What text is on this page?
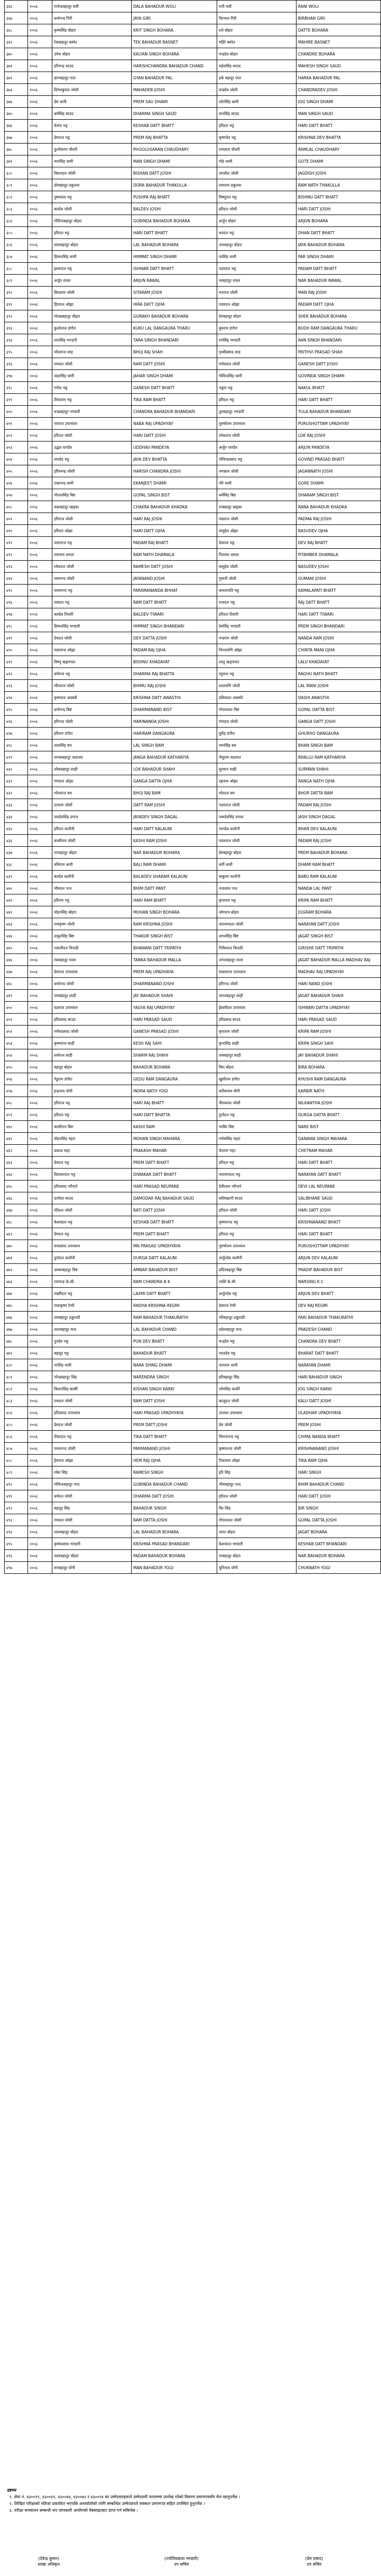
३६६	२०५६	राजेन्द्रबहादुर वली	DALA BAHADUR WOLI	रानी वली	RANI WOLI
३६७	२०५६	धर्मानन्द गिरी	JAYA GIRI	विरभान गिरी	BIRBHAN GIRI
३६८	२०५६	कृष्णसिंह बोहरा	KRIT SINGH BOHARA	दत्ते बोहरा	DATTE BOHARA
३६९	२०५६	टेकबहादुर बस्नेत	TEK BAHADUR BASNET	महिरे बस्नेत	MAHIRE BASNET
३७०	२०५६	उमेश बोहरा	KALYAN SINGH BOHARA	चन्द्रदेव बोहरा	CHANDRE BOHARA
३७१	२०५६	हरिचन्द्र साउद	HARISHCHANDRA BAHADUR CHAND	महेशसिंह साउद	MAHESH SINGH SAUD
३७२	२०५६	ज्ञानबहादुर पाल	GYAN BAHADUR PAL	हर्क बहादुर पाल	HARKA BAHADUR PAL
३७३	२०५६	दिनेशकुमार जोशी	MAHADEB JOSHI	चन्द्रदेव जोशी	CHANDRADEV JOSHI
३७४	२०५६	प्रेम धामी	PREM SAU DHAMI	जोगसिंह धामी	JOG SINGH DHAMI
३७५	२०५६	धर्मसिंह साउद	DHARMA SINGH SAUD	मानसिंह साउद	MAN SINGH SAUD
३७६	२०५६	केशव भट्ट	KESHAB DATT BHATT	हरिदत्त भट्ट	HARI DATT BHATT
३७७	२०५६	प्रेमराज भट्ट	PREM RAJ BHATTA	कृष्णदेव भट्ट	KRISHNA DEV BHATTA
३७८	२०५६	फुलोसरण चौधरी	PHOOLOSARAN CHAUDHARY	रामलाल चौधरी	RAMLAL CHAUDHARY
३७९	२०५६	मानसिंह धामी	MAN SINGH DHAMI	गोठे धामी	GOTE DHAMI
३८०	२०५६	विशनदत्त जोशी	BISHAN DATT JOSHI	जगदीश जोशी	JAGDISH JOSHI
३८१	२०५६	डोरबहादुर ठकुल्ला	DORA BAHADUR THAKULLA	रामनाथ ठकुल्ला	RAM NATH THAKULLA
३८२	२०५६	पुष्पलाल भट्ट	PUSHPA RAJ BHATT	विष्णुदत्त भट्ट	BISHNU DATT BHATT
३८३	२०५६	बलदेव जोशी	BALDEV JOSHI	हरिदत्त जोशी	HARI DATT JOSHI
३८४	२०५६	गोविन्दबहादुर बोहरा	GOBINDA BAHADUR BOHARA	अर्जुन बोहरा	ARJUN BOHARA
३८५	२०५६	हरिदत्त भट्ट	HARI DATT BHATT	धनदत्त भट्ट	DHAN DATT BHATT
३८६	२०५६	लालबहादुर बोहरा	LAL BAHADUR BOHARA	जयबहादुर बोहरा	JAYA BAHADUR BOHARA
३८७	२०५६	हिम्मतसिंह धामी	HIMMAT SINGH DHAMI	परसिंह धामी	PAR SINGH DHAMI
३८८	२०५६	इश्वरदत्त भट्ट	ISHWAR DATT BHATT	पदमदत्त भट्ट	PADAM DATT BHATT
३८९	२०५६	अर्जुन रावल	ARJUN RAWAL	नरबहादुर रावल	NAR BAHADUR RAWAL
३९०	२०५६	सिताराम जोशी	SITARAM JOSHI	मनराज जोशी	MAN RAJ JOSHI
३९१	२०५६	हिरादत्त ओझा	HIRA DATT OJHA	पदमदत्त ओझा	PADAM DATT OJHA
३९२	२०५६	गोरखबहादुर बोहरा	GORAKH BAHADUR BOHARA	शेरबहादुर बोहरा	SHER BAHADUR BOHARA
३९३	२०५६	कुलोलाल डंगौरा	KUKU LAL DANGAURA THARU	बुधराम डंगौरा	BUDH RAM DANGAURA THARU
३९४	२०५६	तारासिंह भण्डारी	TARA SINGH BHANDARI	रणसिंह भण्डारी	RAN SINGH BHANDARI
३९५	२०५६	भोजराज शाह	BHOJ RAJ SHAH	पृथ्वीप्रसाद शाह	PRITHVI PRASAD SHAH
३९६	२०५६	रामदत्त जोशी	RAM DATT JOSHI	गणेशदत्त जोशी	GANESH DATT JOSHI
३९७	२०५६	जहरसिंह धामी	JAHAR SINGH DHAMI	गोविन्दसिंह धामी	GOVINDA SINGH DHAMI
३९८	२०५६	गणेश भट्ट	GANESH DATT BHATT	नकुल भट्ट	NAKUL BHATT
३९९	२०५६	टीकाराम भट्ट	TIKA RAM BHATT	हरिदत्त भट्ट	HARI DATT BHATT
४००	२०५६	चन्द्रबहादुर भण्डारी	CHANDRA BAHADUR BHANDARI	तुलबहादुर भण्डारी	TULA BAHADUR BHANDARI
४०१	२०५६	नवराज उपाध्याय	NABA RAJ UPADHYAY	पुरुषोत्तम उपाध्याय	PURUSHOTTAM UPADHYAY
४०२	२०५६	हरिदत्त जोशी	HARI DATT JOSHI	लोकराज जोशी	LOK RAJ JOSHI
४०३	२०५६	उद्धव पाण्डेय	UDDHAV PANDEYA	अर्जुन पाण्डेय	ARJUN PANDEYA
४०४	२०५६	जयदेव भट्ट	JAYA DEV BHATTA	गोविन्दप्रसाद भट्ट	GOVIND PRASAD BHATT
४०५	२०५६	हरिश्चन्द्र जोशी	HARISH CHANDRA JOSHI	जगन्नाथ जोशी	JAGANNATH JOSHI
४०६	२०५६	एकानन्द धामी	EKANJEET DHAMI	गोरे धामी	GORE DHAMI
४०७	२०५६	गोपालसिंह बिष्ट	GOPAL SINGH BIST	धर्मसिंह बिष्ट	DHARAM SINGH BIST
४०८	२०५६	चक्रबहादुर खड्का	CHAKRA BAHADUR KHADKA	रनबहादुर खड्का	RANA BAHADUR KHADKA
४०९	२०५६	हरिराज जोशी	HARI RAJ JOSHI	पद्मराज जोशी	PADMA RAJ JOSHI
४१०	२०५६	हरिदत्त ओझा	HARI DATT OJHA	वासुदेव ओझा	BASUDEV OJHA
४११	२०५६	पदमराज भट्ट	PADAM RAJ BHATT	देवराज भट्ट	DEV RAJ BHATT
४१२	२०५६	रामनाथ धमला	RAM NATH DHAMALA	पितम्बर धमला	PITAMBER DHAMALA
४१३	२०५६	रमेशदत्त जोशी	RAMESH DATT JOSHI	वासुदेव जोशी	BASUDEV JOSHI
४१४	२०५६	जयानन्द जोशी	JAYANAND JOSHI	गुमानी जोशी	GUMANI JOSHI
४१५	२०५६	परमानन्द भट्ट	PARAMANANDA BHHAT	कमलापति भट्ट	KAMALAPATI BHATT
४१६	२०५६	रामदत्त भट्ट	RAM DATT BHATT	राजदत्त भट्ट	RAJ DATT BHATT
४१७	२०५६	बलदेव तिवारी	BALDEV TIWARI	हरिदत्त तिवारी	HARI DATT TIWARI
४१८	२०५६	हिम्मतसिंह भण्डारी	HIMMAT SINGH BHANDARI	प्रेमसिंह भण्डारी	PREM SINGH BHANDARI
४१९	२०५६	देवदत्त जोशी	DEV DATTA JOSHI	नन्दराम जोशी	NANDA RAM JOSHI
४२०	२०५६	पदमराज ओझा	PADAM RAJ OJHA	चिन्तामणि ओझा	CHINTA MANI OJHA
४२१	२०५६	विष्णु खड्गायत	BISHNU KHADAYAT	लालु खड्गायत	LALU KHADAYAT
४२२	२०५६	धर्मराज भट्ट	DHARMA RAJ BHATTA	रघुनाथ भट्ट	RAGHU NATH BHATT
४२३	२०५६	भीमराज जोशी	BHIMU RAJ JOSHI	लालमणि जोशी	LAL MANI JOSHI
४२४	२०५६	कृष्णदत्त अवस्थी	KRISHNA DATT AWASTHI	दशिवदत्त अवस्थी	DASHI AWASTHI
४२५	२०५६	धर्मानन्द बिष्ट	DHARMANAND BIST	गोपालदत्त बिष्ट	GOPAL DATTA BIST
४२६	२०५६	हरिनन्द जोशी	HARINANDA JOSHI	गंगादत्त जोशी	GANGA DATT JOSHI
४२७	२०५६	हरिराम डंगौरा	HARIRAM DANGAURA	घुरीह डंगौरा	GHURHO DANGAURA
४२८	२०५६	लालसिंह बम	LAL SINGH BAM	भानसिंह बम	BHAN SINGH BAM
४२९	२०५६	जनकबहादुर कठायत	JANGA BAHADUR KATHARIYA	भैलुराम कठायत	BHALLU RAM KATHARIYA
४३०	२०५६	लोकबहादुर शाही	LOK BAHADUR SHAHI	सुरमान शाही	SURMAN SHAHI
४३१	२०५६	गंगादत्त ओझा	GANGA DATTA OJHA	रङ्गनाथ ओझा	RANGA NATH OJHA
४३२	२०५६	भोजराज बम	BHOJ RAJ BAM	भोरदत्त बम	BHOR DATTA BAM
४३३	२०५६	दत्तराम जोशी	DATT RAM JOSHI	पदमराज जोशी	PADAM RAJ JOSHI
४३४	२०५६	जयदेवसिंह डगाल	JAYADEV SINGH DAGAL	जसदेवसिंह डगाल	JASH SINGH DAGAL
४३५	२०५६	हरिदत्त कलौनी	HARI DATT KALAUNI	भानदेव कलौनी	BHAN DEV KALAUNI
४३६	२०५६	कासीराम जोशी	KASHI RAM JOSHI	पदमराज जोशी	PADAM RAJ JOSHI
४३७	२०५६	नारबहादुर बोहरा	NAR BAHADUR BOHARA	प्रेमबहादुर बोहरा	PREM BAHADUR BOHARA
४३८	२०५६	बलिराम धामी	BALI RAM DHAMI	धर्मी धामी	DHAMI RAM BHATT
४३९	२०५६	बलदेव कलौनी	BALADEV SHARAM KALAUNI	बाबुराम कलौनी	BABU RAM KALAUNI
४४०	२०५६	भीमदत्त पन्त	BHIM DATT PANT	नन्दलाल पन्त	NANDA LAL PANT
४४१	२०५६	हरिराम भट्ट	HARI RAM BHATT	कृपाराम भट्ट	KRIPA RAM BHATT
४४२	२०५६	मोहनसिंह बोहरा	MOHAN SINGH BOHARA	जोगराम बोहरा	JOGRAM BOHARA
४४३	२०५६	रामकृष्ण जोशी	RAM KRISHNA JOSHI	नारायणदत्त जोशी	NARAYAN DATT JOSHI
४४४	२०५६	ठाकुरसिंह बिष्ट	THAKUR SINGH BIST	जगतसिंह बिष्ट	JAGAT SINGH BIST
४४५	२०५६	भवानीदत्त त्रिपाठी	BHAWANI DATT TRIPATHI	गिरीशदत्त त्रिपाठी	GIRISHE DATT TRIPATHI
४४६	२०५६	टंकबहादुर मल्ल	TANKA BAHADUR MALLA	जगतबहादुर मल्ल	JAGAT BAHADUR MALLA MADHAV RAJ
४४७	२०५६	प्रेमराज उपाध्याय	PREM RAJ UPADHAYA	माधवराज उपाध्याय	MADHAV RAJ UPADHYAY
४४८	२०५६	धर्मानन्द जोशी	DHARMANAND JOSHI	हरिनन्द जोशी	HARI NAND JOSHI
४४९	२०५६	जयबहादुर शाही	JAY BAHADUR SHAHI	जगतबहादुर शाही	JAGAT BAHADUR SHAHI
४५०	२०५६	यज्ञराज उपाध्याय	YAGYA RAJ UPADHYAY	ईश्वरीदत्त उपाध्याय	ISHWARI DATTA UPADHYAY
४५१	२०५६	हरिप्रसाद साउद	HARI PRASAD SAUD	हरिप्रसाद साउद	HARI PRASAD SAUD
४५२	२०५६	गणेशप्रसाद जोशी	GANESH PRASAD JOSHI	कृपाराम जोशी	KRIPA RAM JOSHI
४५३	२०५६	कृष्णराज साही	KESH RAJ SAHI	कृपासिंह साही	KRIPA SINGH SAHI
४५४	२०५६	शर्मराज शाही	SHARM RAJ SHAHI	जयबहादुर शाही	JAY BAHADUR SHAHI
४५५	२०५६	बहादुर बोहरा	BAHADUR BOHARA	बिरा बोहरा	BIRA BOHARA
४५६	२०५६	गेडुराम डंगौरा	GEDU RAM DANGAURA	खुशीराम डंगौरा	KHUSHI RAM DANGAURA
४५७	२०५६	इन्द्रनाथ योगी	INDRA NATH YOGI	करिबनाथ योगी	KARBIR NATH
४५८	२०५६	हरिराज भट्ट	HARI RAJ BHATT	नीलकण्ठ जोशी	NILKANTHA JOSHI
४५९	२०५६	हरिदत्त भट्ट	HARI DATT BHATTA	दुर्गादत्त भट्ट	DURGA DATTA BHATT
४६०	२०५६	कासीराम बिष्ट	KASHI RAM	नरबिर बिष्ट	NARE BIST
४६१	२०५६	मोहनसिंह महरा	MOHAN SINGH MAHARA	गणेशसिंह महरा	GANAWA SINGH MAHARA
४६२	२०५६	प्रकाश महर	PRAKASH MAHAR	चेतराम महर	CHETRAM MAHAR
४६३	२०५६	प्रेमदत्त भट्ट	PREM DATT BHATT	हरिदत्त भट्ट	HARI DATT BHATT
४६४	२०५६	दिवाकरदत्त भट्ट	DIWAKAR DATT BHATT	नारायणदत्त भट्ट	NARAYAN DATT BHATT
४६५	२०५६	हरिप्रसाद न्यौपाने	HARI PRASAD NEUPANE	देवीलाल न्यौपाने	DEVI LAL NEUPANE
४६६	२०५६	दामोदर साउद	DAMODAR RAJ BAHADUR SAUD	सलिबहानी साउद	SALIBHANE SAUD
४६७	२०५६	रतिदत्त जोशी	RATI DATT JOSHI	हरिदत्त जोशी	HARI DATT JOSHI
४६८	२०५६	केशवदत्त भट्ट	KESHAB DATT BHATT	कृष्णानन्द भट्ट	KRISHNANAND BHATT
४६९	२०५६	प्रेमदत्त भट्ट	PREM DATT BHATT	हरिदत्त भट्ट	HARI DATT BHATT
४७०	२०५६	मनप्रसाद उपाध्याय	MN PRASAD UPADHYAYA	पुरुषोत्तम उपाध्याय	PURUSHOTTAM UPADHYAY
४७१	२०५६	दुर्गादत्त कलौनी	DURGA DATT KALAUNI	अर्जुनदेव कलौनी	ARJUN DEV KALAUNI
४७२	२०५६	अम्बरबहादुर बिष्ट	AMBAR BAHADUR BIST	प्रदिपबहादुर बिष्ट	PRADIP BAHADUR BIST
४७३	२०५६	रामचन्द्र के.सी.	RAM CHANDRA B K	नरसिं के.सी.	NARSING K C
४७४	२०५६	लक्ष्मीदत्त भट्ट	LAXMI DATT BHATT	अर्जुनदेव भट्ट	ARJUN DEV BHATT
४७५	२०५६	राधाकृष्ण रेग्मी	RADHA KRISHNA REGMI	देवराज रेग्मी	DEV RAJ REGMI
४७६	२०५६	रामबहादुर ठकुराठी	RAM BAHADUR THAKURATHI	परिबहादुर ठकुराठी	PARI BAHADUR THAKURATHI
४७७	२०५६	लालबहादुर चन्द	LAL BAHADUR CHAND	प्रदेशबहादुर चन्द	PRADESH CHAND
४७८	२०५६	पुनदेव भट्ट	PUN DEV BHATT	चन्द्रदेव भट्ट	CHANDRA DEV BHATT
४७९	२०५६	बहादुर भट्ट	BAHADUR BHATT	भरतदेव भट्ट	BHARAT DATT BHATT
४८०	२०५६	नरसिंह धामी	NARA SHING DHAMI	नारायण धामी	NARAYAN DHAMI
४८१	२०५६	नरेन्द्रबहादुर सिंह	NARENDRA SINGH	हरिबहादुर सिंह	HARI BAHADUR SINGH
४८२	२०५६	किशनसिंह कार्की	KISHAN SINGH KARKI	जोगसिंह कार्की	JOG SINGH KARKI
४८३	२०५६	रामदत्त जोशी	RAM DATT JOSHI	कालुदत्त जोशी	KALU DATT JOSHI
४८४	२०५६	हरिप्रसाद उपाध्याय	HARI PRASAD UPADHYAYA	उलाधर उपाध्याय	ULADHAR UPADHYAYA
४८५	२०५६	प्रेमदत्त जोशी	PREM DATT JOSHI	प्रेम जोशी	PREM JOSHI
४८६	२०५६	टीकादत्त भट्ट	TIKA DATT BHATT	चिमनानन्द भट्ट	CHIMA NANDA BHATT
४८७	२०५६	परमानन्द जोशी	PARMANAND JOSHI	कृष्णानन्द जोशी	KRISHNANAND JOSHI
४८८	२०५६	हेमराज ओझा	HEM RAJ OJHA	टिकाराम ओझा	TIKA RAM OJHA
४८९	२०५६	रमेश सिंह	RAMESH SINGH	हरि सिंह	HARI SINGH
४९०	२०५६	गोविन्दबहादुर चन्द	GOBINDA BAHADUR CHAND	भीमबहादुर चन्द	BHIM BAHADUR CHAND
४९१	२०५६	धर्मदत्त जोशी	DHARMA DATT JOSHI	हरिदत्त जोशी	HARI DATT JOSHI
४९२	२०५६	बहादुर सिंह	BAHADUR SINGH	बिर सिंह	BIR SINGH
४९३	२०५६	रामदत्त जोशी	RAM DATTA JOSHI	गोपालदत्त जोशी	GOPAL DATTA JOSHI
४९४	२०५६	लालबहादुर बोहरा	LAL BAHADUR BOHARA	जगत बोहरा	JAGAT BOHARA
४९५	२०५६	कृष्णप्रसाद भण्डारी	KRISHNA PRASAD BHANDARI	केशवदत्त भण्डारी	KESHAB DATT BHANDARI
४९६	२०५६	पदमबहादुर बोहरा	PADAM BAHADUR BOHARA	नरबहादुर बोहरा	NAR BAHADUR BOHARA
४९७	२०५६	मनबहादुर योगी	MAN BAHADUR YOGI	चुनिनाथ योगी	CHUKNATH YOGI
द्रष्टव्यः
१. सेवा नं. ४३००१९, ४३००४९, ४३००४४, ४३००७२ र ४३००९४ का उम्मेदवारहरूले उम्मेदवारी फाराममा उल्लेख गरेको विवरण प्रमाणपत्रसँग मेल खानुपर्नेछ ।
२. लिखित परीक्षाको नतिजा प्रकाशित भएपछि अन्तर्वार्ताको लागि सम्बन्धित उम्मेदवारले सक्कल प्रमाणपत्र सहित उपस्थित हुनुपर्नेछ ।
३. परीक्षा सञ्चालन सम्बन्धी थप जानकारी आयोगको वेबसाइटबाट प्राप्त गर्न सकिनेछ ।
(देवेन्द्र कुमार)
शाखा अधिकृत
(ज्योतिप्रकाश भण्डारी)
उप सचिव
(प्रेम प्रसाद)
उप सचिव
